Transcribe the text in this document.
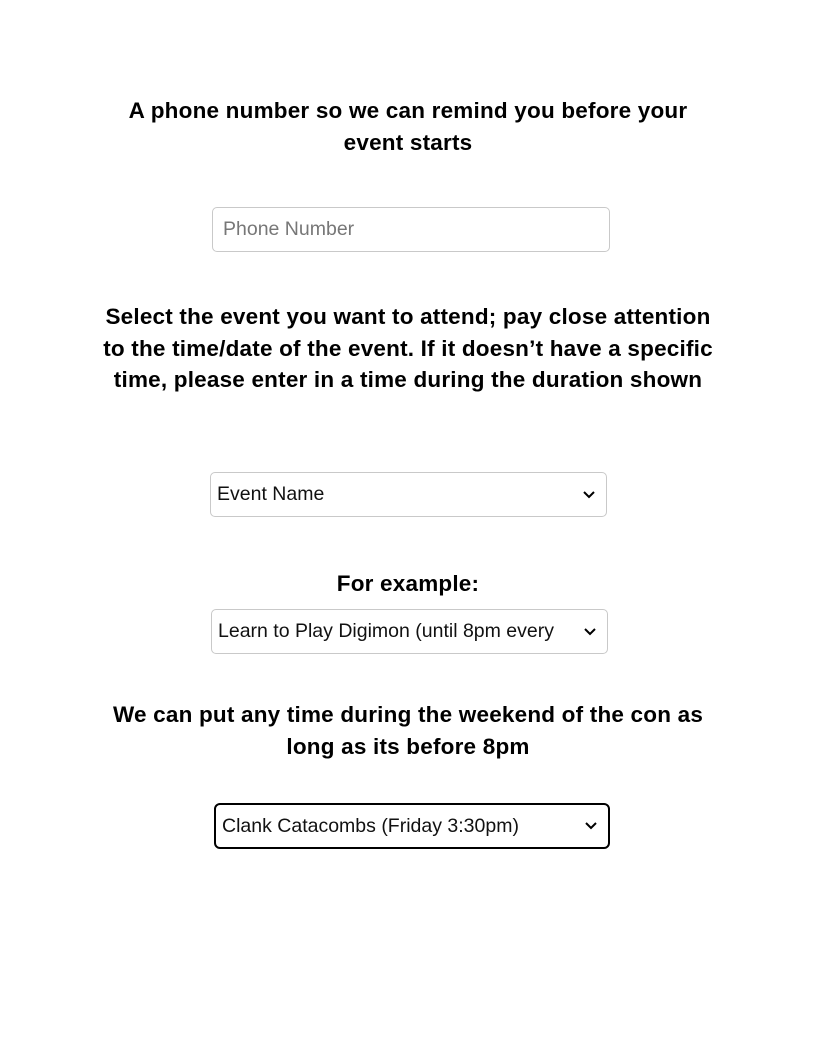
A phone number so we can remind you before your event starts
Phone Number
Select the event you want to attend; pay close attention to the time/date of the event. If it doesn’t have a specific time, please enter in a time during the duration shown
Event Name
For example:
Learn to Play Digimon (until 8pm every
We can put any time during the weekend of the con as long as its before 8pm
Clank Catacombs (Friday 3:30pm)
